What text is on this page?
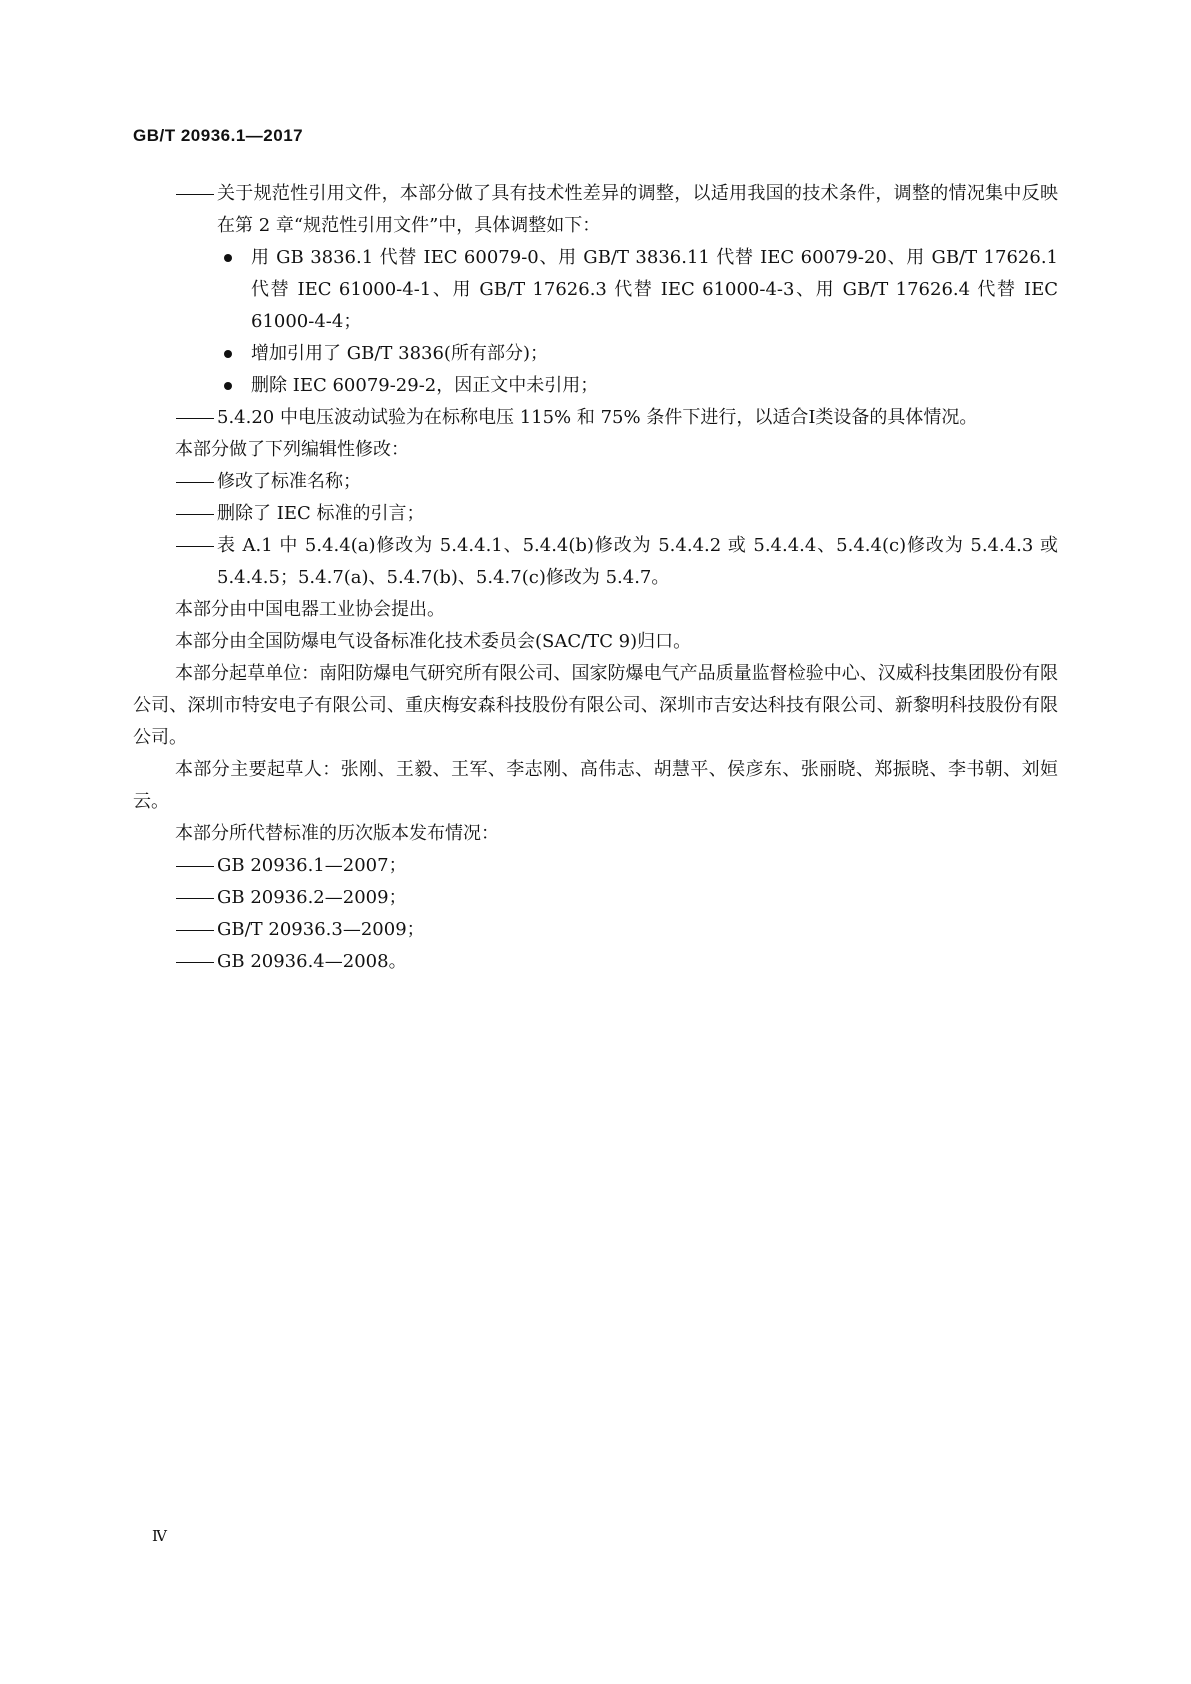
GB/T 20936.1—2017

关于规范性引用文件，本部分做了具有技术性差异的调整，以适用我国的技术条件，调整的情况集中反映在第 2 章“规范性引用文件”中，具体调整如下：

用 GB 3836.1 代替 IEC 60079-0、用 GB/T 3836.11 代替 IEC 60079-20、用 GB/T 17626.1 代替 IEC 61000-4-1、用 GB/T 17626.3 代替 IEC 61000-4-3、用 GB/T 17626.4 代替 IEC 61000-4-4；

增加引用了 GB/T 3836(所有部分)；

删除 IEC 60079-29-2，因正文中未引用；

5.4.20 中电压波动试验为在标称电压 115% 和 75% 条件下进行，以适合Ⅰ类设备的具体情况。

本部分做了下列编辑性修改：

修改了标准名称；

删除了 IEC 标准的引言；

表 A.1 中 5.4.4(a)修改为 5.4.4.1、5.4.4(b)修改为 5.4.4.2 或 5.4.4.4、5.4.4(c)修改为 5.4.4.3 或 5.4.4.5；5.4.7(a)、5.4.7(b)、5.4.7(c)修改为 5.4.7。

本部分由中国电器工业协会提出。

本部分由全国防爆电气设备标准化技术委员会(SAC/TC 9)归口。

本部分起草单位：南阳防爆电气研究所有限公司、国家防爆电气产品质量监督检验中心、汉威科技集团股份有限公司、深圳市特安电子有限公司、重庆梅安森科技股份有限公司、深圳市吉安达科技有限公司、新黎明科技股份有限公司。

本部分主要起草人：张刚、王毅、王军、李志刚、高伟志、胡慧平、侯彦东、张丽晓、郑振晓、李书朝、刘姮云。

本部分所代替标准的历次版本发布情况：

GB 20936.1—2007；

GB 20936.2—2009；

GB/T 20936.3—2009；

GB 20936.4—2008。

Ⅳ
